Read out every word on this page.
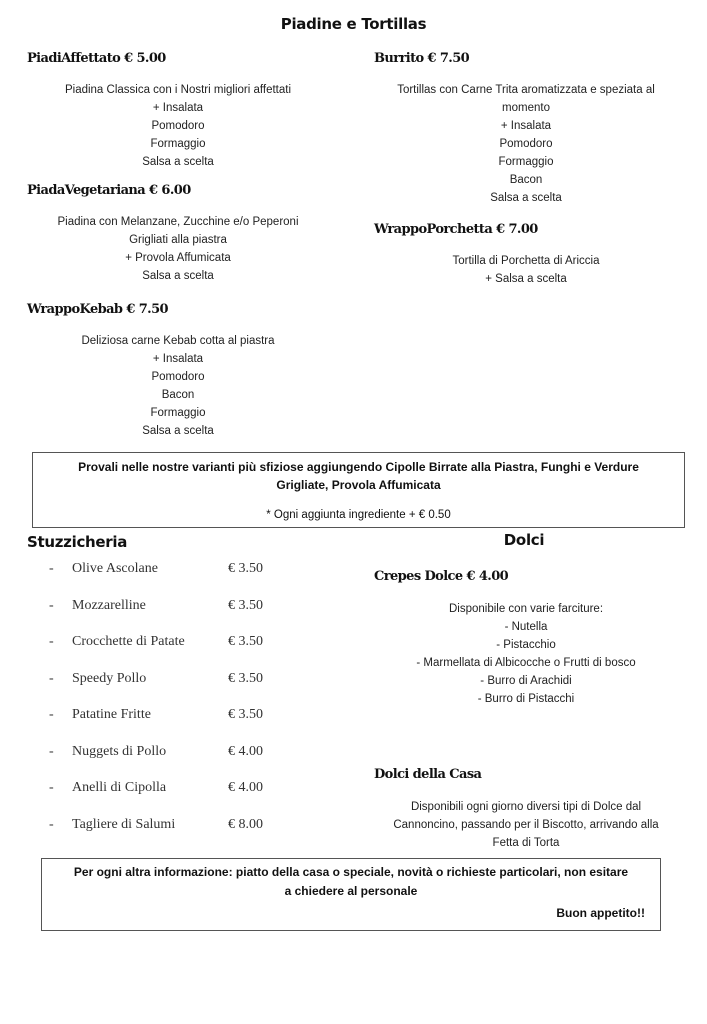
Piadine e Tortillas
PiadiAffettato € 5.00
Piadina Classica con i Nostri migliori affettati
+ Insalata
Pomodoro
Formaggio
Salsa a scelta
PiadaVegetariana € 6.00
Piadina con Melanzane, Zucchine e/o Peperoni
Grigliati alla piastra
+ Provola Affumicata
Salsa a scelta
WrappoKebab € 7.50
Deliziosa carne Kebab cotta al piastra
+ Insalata
Pomodoro
Bacon
Formaggio
Salsa a scelta
Burrito € 7.50
Tortillas con Carne Trita aromatizzata e speziata al
momento
+ Insalata
Pomodoro
Formaggio
Bacon
Salsa a scelta
WrappoPorchetta € 7.00
Tortilla di Porchetta di Ariccia
+ Salsa a scelta
Provali nelle nostre varianti più sfiziose aggiungendo Cipolle Birrate alla Piastra, Funghi e Verdure
Grigliate, Provola Affumicata
* Ogni aggiunta ingrediente + € 0.50
Stuzzicheria
- Olive Ascolane	€ 3.50
- Mozzarelline	€ 3.50
- Crocchette di Patate	€ 3.50
- Speedy Pollo	€ 3.50
- Patatine Fritte	€ 3.50
- Nuggets di Pollo	€ 4.00
- Anelli di Cipolla	€ 4.00
- Tagliere di Salumi	€ 8.00
Dolci
Crepes Dolce € 4.00
Disponibile con varie farciture:
- Nutella
- Pistacchio
- Marmellata di Albicocche o Frutti di bosco
- Burro di Arachidi
- Burro di Pistacchi
Dolci della Casa
Disponibili ogni giorno diversi tipi di Dolce dal
Cannoncino, passando per il Biscotto, arrivando alla
Fetta di Torta
Per ogni altra informazione: piatto della casa o speciale, novità o richieste particolari, non esitare
a chiedere al personale
Buon appetito!!
